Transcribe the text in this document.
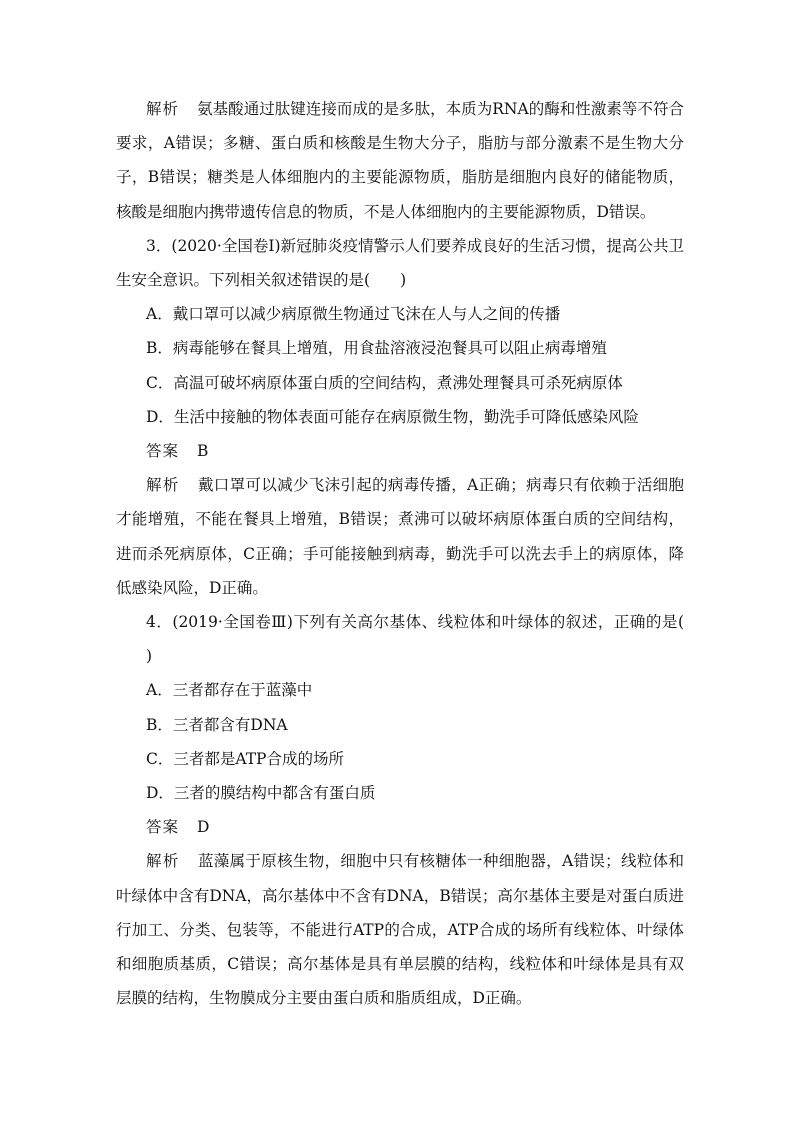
解析 氨基酸通过肽键连接而成的是多肽，本质为RNA的酶和性激素等不符合要求，A错误；多糖、蛋白质和核酸是生物大分子，脂肪与部分激素不是生物大分子，B错误；糖类是人体细胞内的主要能源物质，脂肪是细胞内良好的储能物质，核酸是细胞内携带遗传信息的物质，不是人体细胞内的主要能源物质，D错误。
3．(2020·全国卷Ⅰ)新冠肺炎疫情警示人们要养成良好的生活习惯，提高公共卫生安全意识。下列相关叙述错误的是( )
A．戴口罩可以减少病原微生物通过飞沫在人与人之间的传播
B．病毒能够在餐具上增殖，用食盐溶液浸泡餐具可以阻止病毒增殖
C．高温可破坏病原体蛋白质的空间结构，煮沸处理餐具可杀死病原体
D．生活中接触的物体表面可能存在病原微生物，勤洗手可降低感染风险
答案 B
解析 戴口罩可以减少飞沫引起的病毒传播，A正确；病毒只有依赖于活细胞才能增殖，不能在餐具上增殖，B错误；煮沸可以破坏病原体蛋白质的空间结构，进而杀死病原体，C正确；手可能接触到病毒，勤洗手可以洗去手上的病原体，降低感染风险，D正确。
4．(2019·全国卷Ⅲ)下列有关高尔基体、线粒体和叶绿体的叙述，正确的是()
A．三者都存在于蓝藻中
B．三者都含有DNA
C．三者都是ATP合成的场所
D．三者的膜结构中都含有蛋白质
答案 D
解析 蓝藻属于原核生物，细胞中只有核糖体一种细胞器，A错误；线粒体和叶绿体中含有DNA，高尔基体中不含有DNA，B错误；高尔基体主要是对蛋白质进行加工、分类、包装等，不能进行ATP的合成，ATP合成的场所有线粒体、叶绿体和细胞质基质，C错误；高尔基体是具有单层膜的结构，线粒体和叶绿体是具有双层膜的结构，生物膜成分主要由蛋白质和脂质组成，D正确。
